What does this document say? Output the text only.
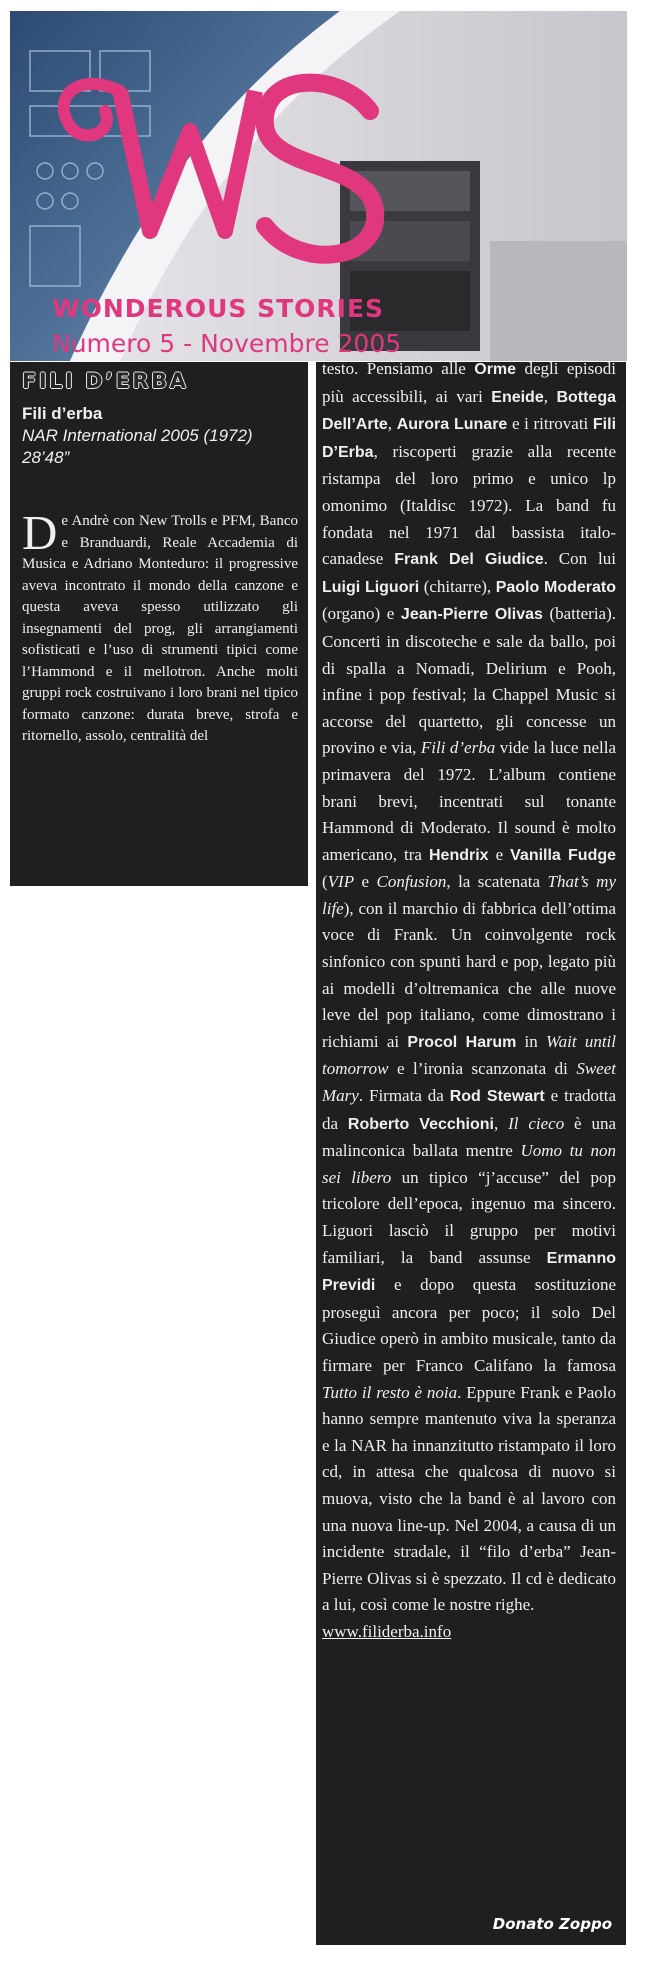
WONDEROUS STORIES
Numero 5 - Novembre 2005
FILI D’ERBA
Fili d’erba
NAR International 2005 (1972)
28’48”
De Andrè con New Trolls e PFM, Banco e Branduardi, Reale Accademia di Musica e Adriano Monteduro: il progressive aveva incontrato il mondo della canzone e questa aveva spesso utilizzato gli insegnamenti del prog, gli arrangiamenti sofisticati e l’uso di strumenti tipici come l’Hammond e il mellotron. Anche molti gruppi rock costruivano i loro brani nel tipico formato canzone: durata breve, strofa e ritornello, assolo, centralità del
testo. Pensiamo alle Orme degli episodi più accessibili, ai vari Eneide, Bottega Dell’Arte, Aurora Lunare e i ritrovati Fili D’Erba, riscoperti grazie alla recente ristampa del loro primo e unico lp omonimo (Italdisc 1972). La band fu fondata nel 1971 dal bassista italo-canadese Frank Del Giudice. Con lui Luigi Liguori (chitarre), Paolo Moderato (organo) e Jean-Pierre Olivas (batteria). Concerti in discoteche e sale da ballo, poi di spalla a Nomadi, Delirium e Pooh, infine i pop festival; la Chappel Music si accorse del quartetto, gli concesse un provino e via, Fili d’erba vide la luce nella primavera del 1972. L’album contiene brani brevi, incentrati sul tonante Hammond di Moderato. Il sound è molto americano, tra Hendrix e Vanilla Fudge (VIP e Confusion, la scatenata That’s my life), con il marchio di fabbrica dell’ottima voce di Frank. Un coinvolgente rock sinfonico con spunti hard e pop, legato più ai modelli d’oltremanica che alle nuove leve del pop italiano, come dimostrano i richiami ai Procol Harum in Wait until tomorrow e l’ironia scanzonata di Sweet Mary. Firmata da Rod Stewart e tradotta da Roberto Vecchioni, Il cieco è una malinconica ballata mentre Uomo tu non sei libero un tipico “j’accuse” del pop tricolore dell’epoca, ingenuo ma sincero. Liguori lasciò il gruppo per motivi familiari, la band assunse Ermanno Previdi e dopo questa sostituzione proseguì ancora per poco; il solo Del Giudice operò in ambito musicale, tanto da firmare per Franco Califano la famosa Tutto il resto è noia. Eppure Frank e Paolo hanno sempre mantenuto viva la speranza e la NAR ha innanzitutto ristampato il loro cd, in attesa che qualcosa di nuovo si muova, visto che la band è al lavoro con una nuova line-up. Nel 2004, a causa di un incidente stradale, il “filo d’erba” Jean-Pierre Olivas si è spezzato. Il cd è dedicato a lui, così come le nostre righe.
www.filiderba.info
Donato Zoppo
